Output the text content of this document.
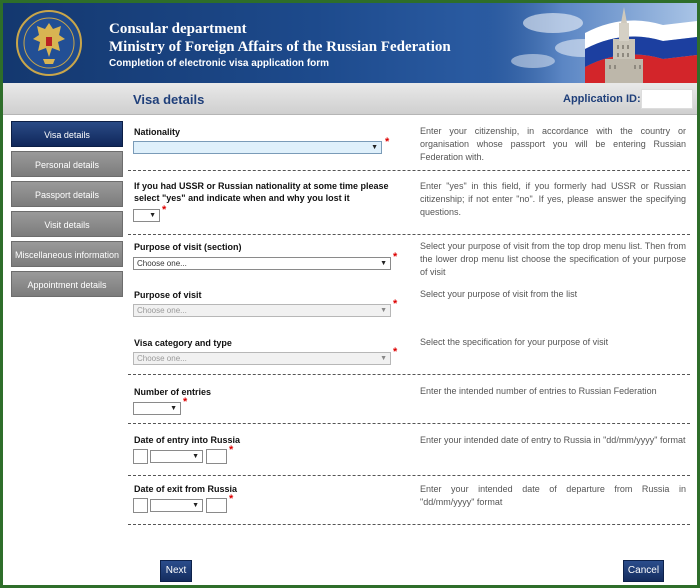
Consular department
Ministry of Foreign Affairs of the Russian Federation
Completion of electronic visa application form
Visa details	Application ID:
Visa details
Personal details
Passport details
Visit details
Miscellaneous information
Appointment details
Nationality
▼ *
Enter your citizenship, in accordance with the country or organisation whose passport you will be entering Russian Federation with.
If you had USSR or Russian nationality at some time please select "yes" and indicate when and why you lost it
▼ *
Enter "yes" in this field, if you formerly had USSR or Russian citizenship; if not enter "no". If yes, please answer the specifying questions.
Purpose of visit (section)
Choose one...	▼
*
Select your purpose of visit from the top drop menu list. Then from the lower drop menu list choose the specification of your purpose of visit
Purpose of visit
Choose one...	▼
*
Select your purpose of visit from the list
Visa category and type
Choose one...	▼
*
Select the specification for your purpose of visit
Number of entries
▼
*
Enter the intended number of entries to Russian Federation
Date of entry into Russia
▼
*
Enter your intended date of entry to Russia in "dd/mm/yyyy" format
Date of exit from Russia
▼
*
Enter your intended date of departure from Russia in "dd/mm/yyyy" format
Next	Cancel
